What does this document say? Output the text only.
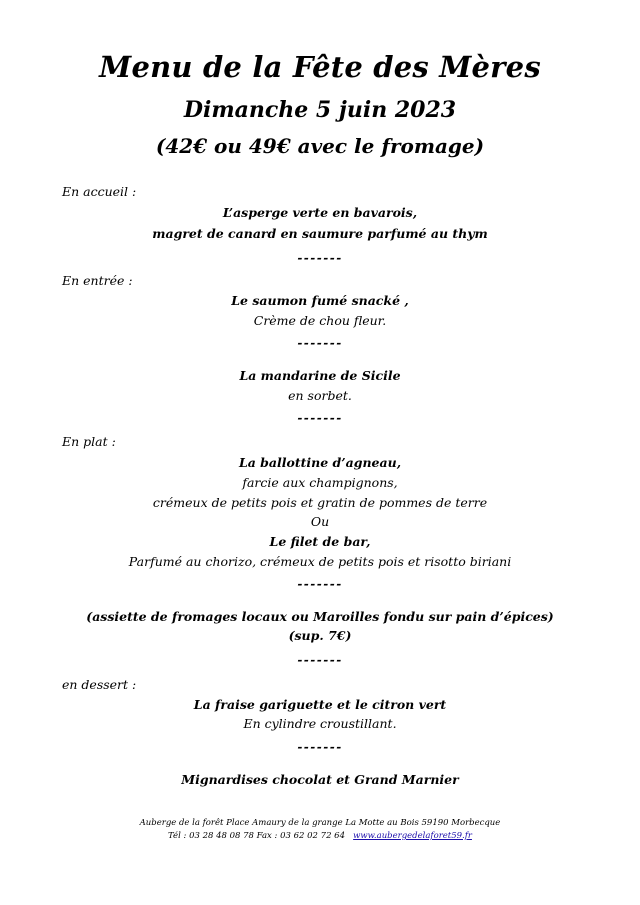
Menu de la Fête des Mères
Dimanche 5 juin 2023
(42€ ou 49€ avec le fromage)
En accueil :
L’asperge verte en bavarois,
magret de canard en saumure parfumé au thym
-------
En entrée :
Le saumon fumé snacké ,
Crème de chou fleur.
-------
La mandarine de Sicile
en sorbet.
-------
En plat :
La ballottine d’agneau,
farcie aux champignons,
crémeux de petits pois et gratin de pommes de terre
Ou
Le filet de bar,
Parfumé au chorizo, crémeux de petits pois et risotto biriani
-------
(assiette de fromages locaux ou Maroilles fondu sur pain d’épices)
(sup. 7€)
-------
en dessert :
La fraise gariguette et le citron vert
En cylindre croustillant.
-------
Mignardises chocolat et Grand Marnier
Auberge de la forêt Place Amaury de la grange La Motte au Bois 59190 Morbecque
Tél : 03 28 48 08 78 Fax : 03 62 02 72 64 www.aubergedelaforet59.fr
